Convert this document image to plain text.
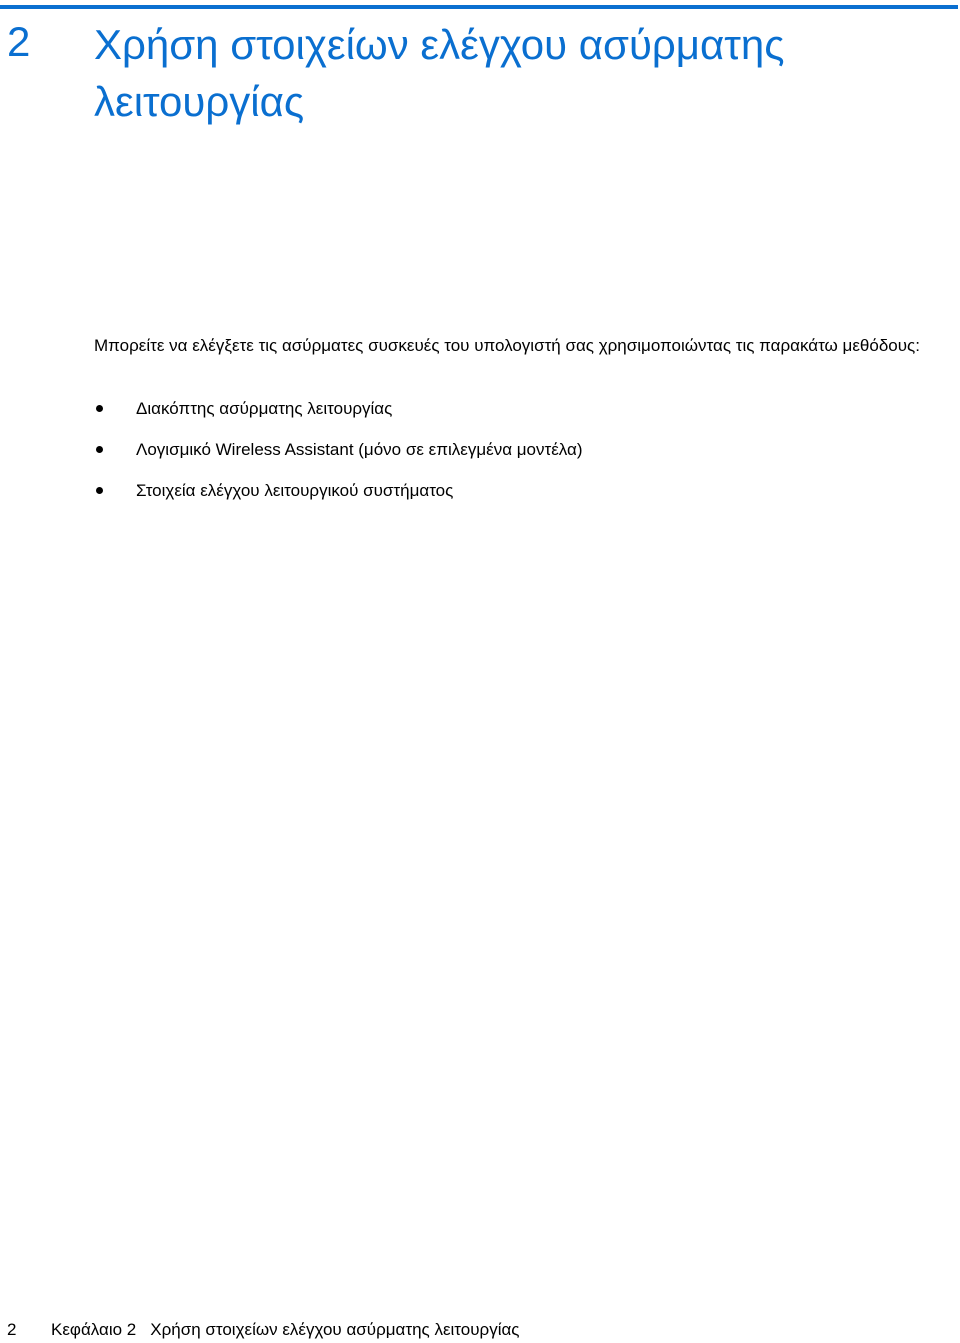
2 Χρήση στοιχείων ελέγχου ασύρματης λειτουργίας

Μπορείτε να ελέγξετε τις ασύρματες συσκευές του υπολογιστή σας χρησιμοποιώντας τις παρακάτω μεθόδους:

Διακόπτης ασύρματης λειτουργίας
Λογισμικό Wireless Assistant (μόνο σε επιλεγμένα μοντέλα)
Στοιχεία ελέγχου λειτουργικού συστήματος
2 Κεφάλαιο 2 Χρήση στοιχείων ελέγχου ασύρματης λειτουργίας
